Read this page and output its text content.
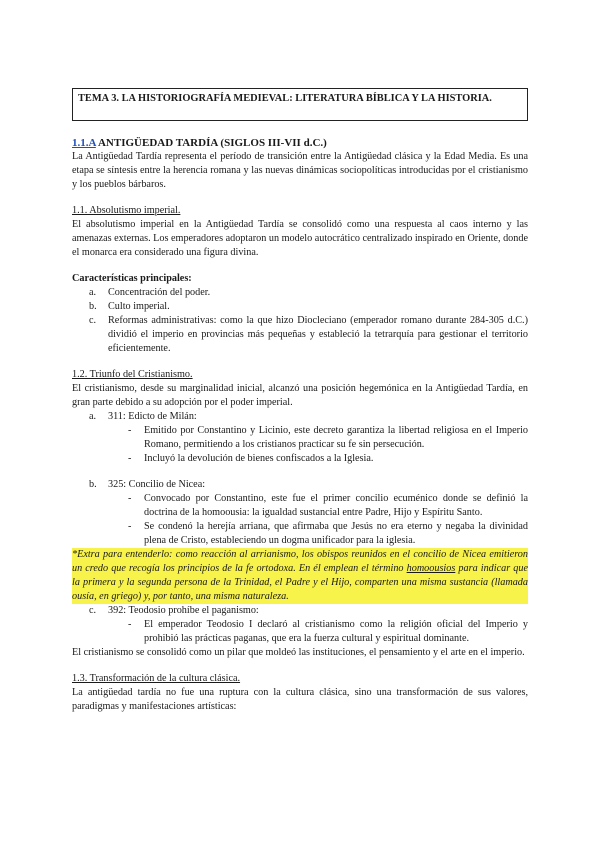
TEMA 3. LA HISTORIOGRAFÍA MEDIEVAL: LITERATURA BÍBLICA Y LA HISTORIA.
1.1.A ANTIGÜEDAD TARDÍA (SIGLOS III-VII d.C.)

La Antigüedad Tardía representa el período de transición entre la Antigüedad clásica y la Edad Media. Es una etapa se síntesis entre la herencia romana y las nuevas dinámicas sociopolíticas introducidas por el cristianismo y los pueblos bárbaros.

1.1. Absolutismo imperial.

El absolutismo imperial en la Antigüedad Tardía se consolidó como una respuesta al caos interno y las amenazas externas. Los emperadores adoptaron un modelo autocrático centralizado inspirado en Oriente, donde el monarca era considerado una figura divina.

Características principales:

a. Concentración del poder.
b. Culto imperial.
c. Reformas administrativas: como la que hizo Diocleciano (emperador romano durante 284-305 d.C.) dividió el imperio en provincias más pequeñas y estableció la tetrarquía para gestionar el territorio eficientemente.

1.2. Triunfo del Cristianismo.

El cristianismo, desde su marginalidad inicial, alcanzó una posición hegemónica en la Antigüedad Tardía, en gran parte debido a su adopción por el poder imperial.

a. 311: Edicto de Milán:
- Emitido por Constantino y Licinio, este decreto garantiza la libertad religiosa en el Imperio Romano, permitiendo a los cristianos practicar su fe sin persecución.
- Incluyó la devolución de bienes confiscados a la Iglesia.
b. 325: Concilio de Nicea:
- Convocado por Constantino, este fue el primer concilio ecuménico donde se definió la doctrina de la homoousia: la igualdad sustancial entre Padre, Hijo y Espíritu Santo.
- Se condenó la herejía arriana, que afirmaba que Jesús no era eterno y negaba la divinidad plena de Cristo, estableciendo un dogma unificador para la iglesia.

*Extra para entenderlo: como reacción al arrianismo, los obispos reunidos en el concilio de Nicea emitieron un credo que recogía los principios de la fe ortodoxa. En él emplean el término homoousios para indicar que la primera y la segunda persona de la Trinidad, el Padre y el Hijo, comparten una misma sustancia (llamada ousía, en griego) y, por tanto, una misma naturaleza.

c. 392: Teodosio prohíbe el paganismo:
- El emperador Teodosio I declaró al cristianismo como la religión oficial del Imperio y prohibió las prácticas paganas, que era la fuerza cultural y espiritual dominante.

El cristianismo se consolidó como un pilar que moldeó las instituciones, el pensamiento y el arte en el imperio.

1.3. Transformación de la cultura clásica.

La antigüedad tardía no fue una ruptura con la cultura clásica, sino una transformación de sus valores, paradigmas y manifestaciones artísticas:
